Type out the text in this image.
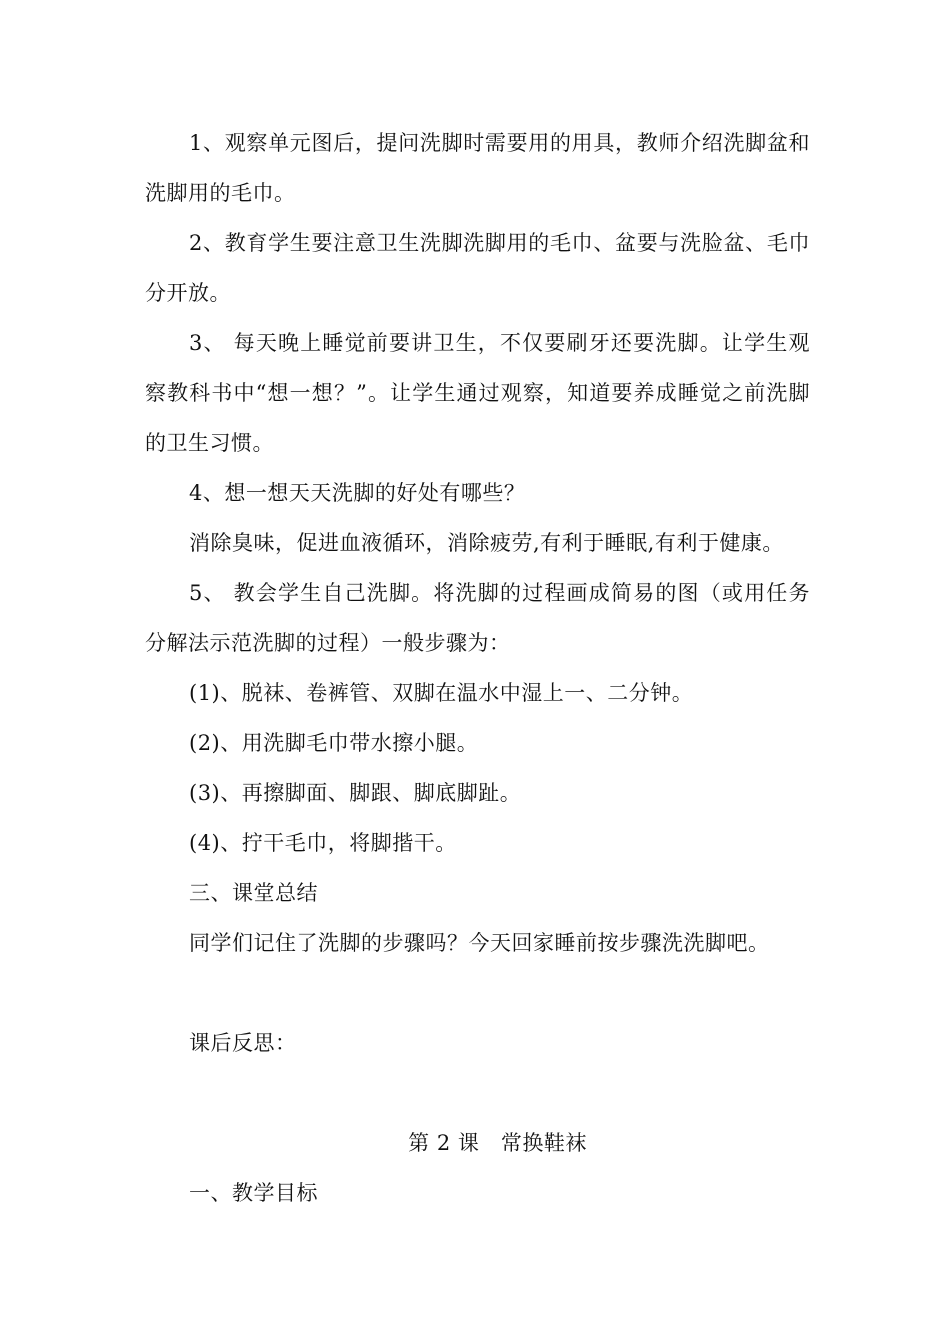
1、观察单元图后，提问洗脚时需要用的用具，教师介绍洗脚盆和洗脚用的毛巾。

2、教育学生要注意卫生洗脚洗脚用的毛巾、盆要与洗脸盆、毛巾分开放。

3、 每天晚上睡觉前要讲卫生，不仅要刷牙还要洗脚。让学生观察教科书中“想一想？”。让学生通过观察，知道要养成睡觉之前洗脚的卫生习惯。

4、想一想天天洗脚的好处有哪些？

消除臭味，促进血液循环，消除疲劳,有利于睡眠,有利于健康。

5、 教会学生自己洗脚。将洗脚的过程画成简易的图（或用任务分解法示范洗脚的过程）一般步骤为：

(1)、脱袜、卷裤管、双脚在温水中湿上一、二分钟。

(2)、用洗脚毛巾带水擦小腿。

(3)、再擦脚面、脚跟、脚底脚趾。

(4)、拧干毛巾，将脚揩干。

三、课堂总结

同学们记住了洗脚的步骤吗？今天回家睡前按步骤洗洗脚吧。

课后反思：

第 2 课　常换鞋袜

一、教学目标
